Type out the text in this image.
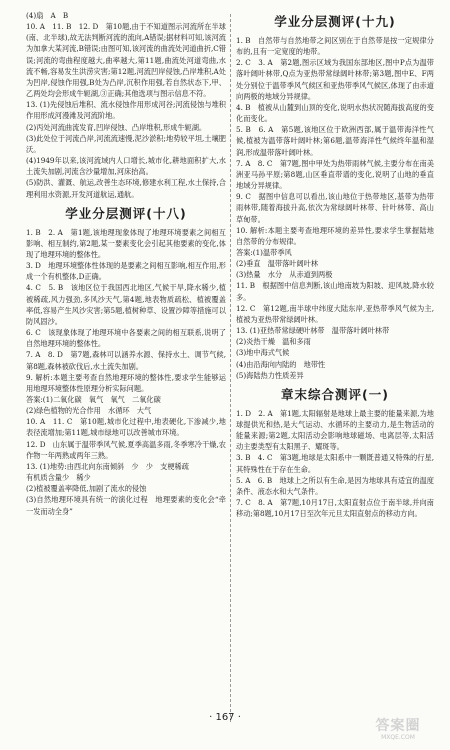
(4)扇　A　B

10. A　11. B　12. D　第10题,由于不知道图示河流所在半球(南、北半球),故无法判断河流的流向,A错误;据材料可知,该河流为加拿大某河流,B错误;由图可知,该河流的曲流处河道曲折,C错误;河流的弯曲程度越大,曲率越大,第11题,曲流处河道弯曲,水流不畅,容易发生洪涝灾害;第12题,河流凹岸侵蚀,凸岸堆积,A处为凹岸,侵蚀作用强,B处为凸岸,沉积作用强,若自然状态下,甲、乙两处均会形成牛轭湖,③正确;其他选项与图示信息不符。

13. (1)先侵蚀后堆积、流水侵蚀作用形成河谷;河流侵蚀与堆积作用形成河漫滩及河流阶地。

(2)丙处河流曲流发育,凹岸侵蚀、凸岸堆积,形成牛轭湖。

(3)此处位于河流凸岸,河流流速慢,泥沙淤积;地势较平坦,土壤肥沃。

(4)1949年以来,该河流域内人口增长,城市化,耕地面积扩大,水土流失加剧,河流含沙量增加,河床抬高。

(5)防洪、灌溉、航运,改善生态环境,修建水利工程,水土保持,合理利用水资源,开发河道航运,通航。

学业分层测评(十八)

1. B　2. A　第1题,该地理现象体现了地理环境要素之间相互影响、相互制约,第2题,某一要素变化会引起其他要素的变化,体现了地理环境的整体性。

3. D　地理环境整体性体现的是要素之间相互影响,相互作用,形成一个有机整体,D正确。

4. C　5. B　该地区位于我国西北地区,气候干旱,降水稀少,植被稀疏,风力强劲,多风沙天气,第4题,地表物质疏松、植被覆盖率低,容易产生风沙灾害;第5题,植树种草、设置沙障等措施可以防风固沙。

6. C　该现象体现了地理环境中各要素之间的相互联系,说明了自然地理环境的整体性。

7. A　8. D　第7题,森林可以涵养水源、保持水土、调节气候,第8题,森林被砍伐后,水土流失加剧。

9. 解析:本题主要考查自然地理环境的整体性,要求学生能够运用地理环境整体性原理分析实际问题。

答案:(1)二氧化碳　氧气　氧气　二氧化碳

(2)绿色植物的光合作用　水循环　大气

10. A　11. C　第10题,城市化过程中,地表硬化,下渗减少,地表径流增加;第11题,城市绿地可以改善城市环境。

12. D　山东属于温带季风气候,夏季高温多雨,冬季寒冷干燥,农作物一年两熟或两年三熟。

13. (1)地势:由西北向东南倾斜　少　少　支梗稀疏

有机质含量少　稀少

(2)植被覆盖率降低,加剧了流水的侵蚀

(3)自然地理环境具有统一的演化过程　地理要素的变化会“牵一发而动全身”

学业分层测评(十九)

1. B　自然带与自然地带之间区别在于自然带是按一定规律分布的,且有一定宽度的地带。

2. C　3. A　第2题,图示区域为我国东部地区,图中P点为温带落叶阔叶林带,Q点为亚热带常绿阔叶林带;第3题,图中E、F两处分别位于温带季风气候区和亚热带季风气候区,体现了由赤道向两极的地域分异规律。

4. B　植被从山麓到山顶的变化,说明水热状况随海拔高度的变化而变化。

5. B　6. A　第5题,该地区位于欧洲西部,属于温带海洋性气候,植被为温带落叶阔叶林;第6题,温带海洋性气候终年温和湿润,形成温带落叶阔叶林。

7. A　8. C　第7题,图中甲处为热带雨林气候,主要分布在南美洲亚马孙平原;第8题,山区垂直带谱的变化,说明了山地的垂直地域分异规律。

9. C　据图中信息可以看出,该山地位于热带地区,基带为热带雨林带,随着海拔升高,依次为常绿阔叶林带、针叶林带、高山草甸带。

10. 解析:本题主要考查地理环境的差异性,要求学生掌握陆地自然带的分布规律。

答案:(1)温带季风

(2)垂直　温带落叶阔叶林

(3)热量　水分　从赤道到两极

11. B　根据图中信息判断,该山地南坡为阳坡、迎风坡,降水较多。

12. C　第12题,南半球中纬度大陆东岸,亚热带季风气候为主,植被为亚热带常绿阔叶林。

13. (1)亚热带常绿硬叶林带　温带落叶阔叶林带

(2)炎热干燥　温和多雨

(3)地中海式气候

(4)由沿海向内陆的　地带性

(5)海陆热力性质差异

章末综合测评(一)

1. D　2. A　第1题,太阳辐射是地球上最主要的能量来源,为地球提供光和热,是大气运动、水循环的主要动力,是生物活动的能量来源;第2题,太阳活动会影响地球磁场、电离层等,太阳活动主要类型有太阳黑子、耀斑等。

3. B　4. C　第3题,地球是太阳系中一颗既普通又特殊的行星,其特殊性在于存在生命。

5. A　6. B　地球上之所以有生命,是因为地球具有适宜的温度条件、液态水和大气条件。

7. C　8. A　第7题,10月17日,太阳直射点位于南半球,并向南移动;第8题,10月17日至次年元旦太阳直射点的移动方向。

· 167 ·
答案圈
MXQE.COM
